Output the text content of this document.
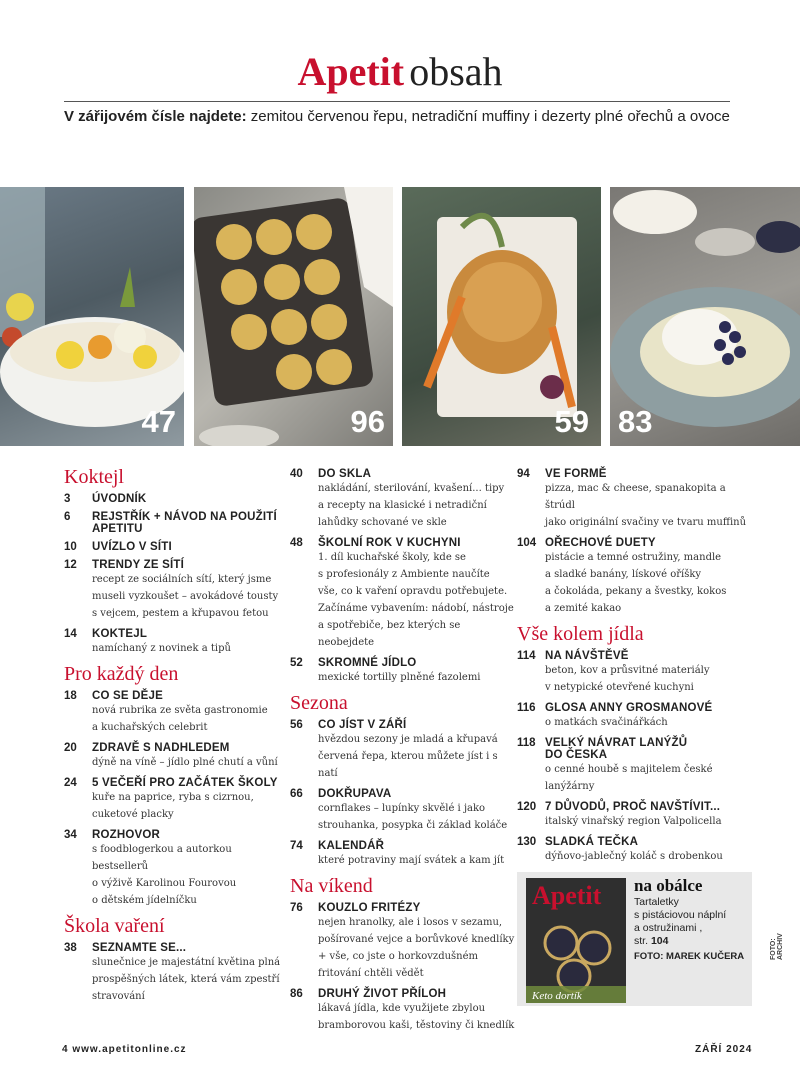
Apetit obsah
V zářijovém čísle najdete: zemitou červenou řepu, netradiční muffiny i dezerty plné ořechů a ovoce
47	96	59 83
Koktejl
3	ÚVODNÍK
6	REJSTŘÍK + NÁVOD NA POUŽITÍ
APETITU
10	UVÍZLO V SÍTI
12	TRENDY ZE SÍTÍ
recept ze sociálních sítí, který jsme
museli vyzkoušet – avokádové tousty
s vejcem, pestem a křupavou fetou
14	KOKTEJL
namíchaný z novinek a tipů
Pro každý den
18	CO SE DĚJE
nová rubrika ze světa gastronomie
a kuchařských celebrit
20	ZDRAVĚ S NADHLEDEM
dýně na víně – jídlo plné chutí a vůní
24	5 VEČEŘÍ PRO ZAČÁTEK ŠKOLY
kuře na paprice, ryba s cizrnou,
cuketové placky
34	ROZHOVOR
s foodblogerkou a autorkou bestsellerů
o výživě Karolinou Fourovou
o dětském jídelníčku
Škola vaření
38	SEZNAMTE SE...
slunečnice je majestátní květina plná
prospěšných látek, která vám zpestří
stravování
40	DO SKLA
nakládání, sterilování, kvašení... tipy
a recepty na klasické i netradiční
lahůdky schované ve skle
48	ŠKOLNÍ ROK V KUCHYNI
1. díl kuchařské školy, kde se
s profesionály z Ambiente naučíte
vše, co k vaření opravdu potřebujete.
Začínáme vybavením: nádobí, nástroje
a spotřebiče, bez kterých se neobejdete
52	SKROMNÉ JÍDLO
mexické tortilly plněné fazolemi
Sezona
56	CO JÍST V ZÁŘÍ
hvězdou sezony je mladá a křupavá
červená řepa, kterou můžete jíst i s natí
66	DOKŘUPAVA
cornflakes – lupínky skvělé i jako
strouhanka, posypka či základ koláče
74	KALENDÁŘ
které potraviny mají svátek a kam jít
Na víkend
76	KOUZLO FRITÉZY
nejen hranolky, ale i losos v sezamu,
pošírované vejce a borůvkové knedlíky
+ vše, co jste o horkovzdušném
fritování chtěli vědět
86	DRUHÝ ŽIVOT PŘÍLOH
lákavá jídla, kde využijete zbylou
bramborovou kaši, těstoviny či knedlík
94	VE FORMĚ
pizza, mac & cheese, spanakopita a štrúdl
jako originální svačiny ve tvaru muffinů
104 OŘECHOVÉ DUETY
pistácie a temné ostružiny, mandle
a sladké banány, lískové oříšky
a čokoláda, pekany a švestky, kokos
a zemité kakao
Vše kolem jídla
114 NA NÁVŠTĚVĚ
beton, kov a průsvitné materiály
v netypické otevřené kuchyni
116 GLOSA ANNY GROSMANOVÉ
o matkách svačinářkách
118 VELKÝ NÁVRAT LANÝŽŮ
DO ČESKA
o cenné houbě s majitelem české lanýžárny
120 7 DŮVODŮ, PROČ NAVŠTÍVIT...
italský vinařský region Valpolicella
130 SLADKÁ TEČKA
dýňovo-jablečný koláč s drobenkou
Apetit
Keto dortík
na obálce
Tartaletky
s pistáciovou náplní
a ostružinami ,
str. 104
FOTO: MAREK KUČERA	FOTO: ARCHIV
4 www.apetitonline.cz	ZÁŘÍ 2024
